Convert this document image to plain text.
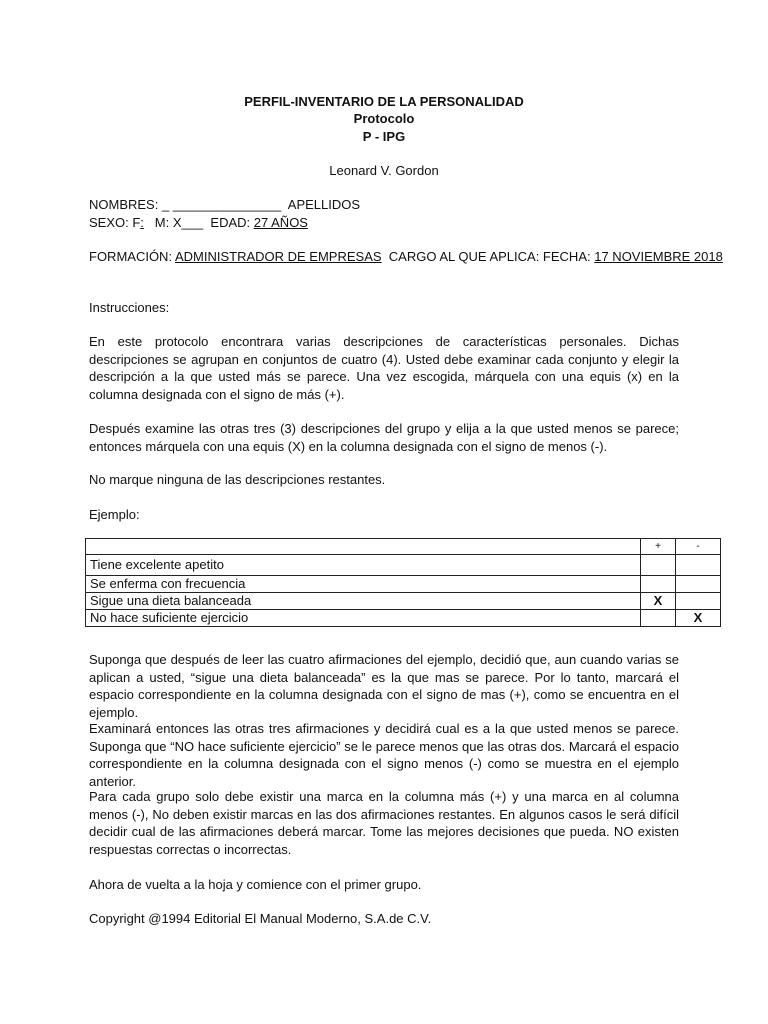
PERFIL-INVENTARIO DE LA PERSONALIDAD
Protocolo
P - IPG
Leonard V. Gordon
NOMBRES: _ _______________ APELLIDOS
SEXO: F: M: X___ EDAD: 27 AÑOS
FORMACIÓN: ADMINISTRADOR DE EMPRESAS CARGO AL QUE APLICA: FECHA: 17 NOVIEMBRE 2018
Instrucciones:
En este protocolo encontrara varias descripciones de características personales. Dichas descripciones se agrupan en conjuntos de cuatro (4). Usted debe examinar cada conjunto y elegir la descripción a la que usted más se parece. Una vez escogida, márquela con una equis (x) en la columna designada con el signo de más (+).
Después examine las otras tres (3) descripciones del grupo y elija a la que usted menos se parece; entonces márquela con una equis (X) en la columna designada con el signo de menos (-).
No marque ninguna de las descripciones restantes.
Ejemplo:
	+	-
Tiene excelente apetito		
Se enferma con frecuencia		
Sigue una dieta balanceada	X	
No hace suficiente ejercicio		X
Suponga que después de leer las cuatro afirmaciones del ejemplo, decidió que, aun cuando varias se aplican a usted, “sigue una dieta balanceada” es la que mas se parece. Por lo tanto, marcará el espacio correspondiente en la columna designada con el signo de mas (+), como se encuentra en el ejemplo.
Examinará entonces las otras tres afirmaciones y decidirá cual es a la que usted menos se parece. Suponga que “NO hace suficiente ejercicio” se le parece menos que las otras dos. Marcará el espacio correspondiente en la columna designada con el signo menos (-) como se muestra en el ejemplo anterior.
Para cada grupo solo debe existir una marca en la columna más (+) y una marca en al columna menos (-), No deben existir marcas en las dos afirmaciones restantes. En algunos casos le será difícil decidir cual de las afirmaciones deberá marcar. Tome las mejores decisiones que pueda. NO existen respuestas correctas o incorrectas.
Ahora de vuelta a la hoja y comience con el primer grupo.
Copyright @1994 Editorial El Manual Moderno, S.A.de C.V.
